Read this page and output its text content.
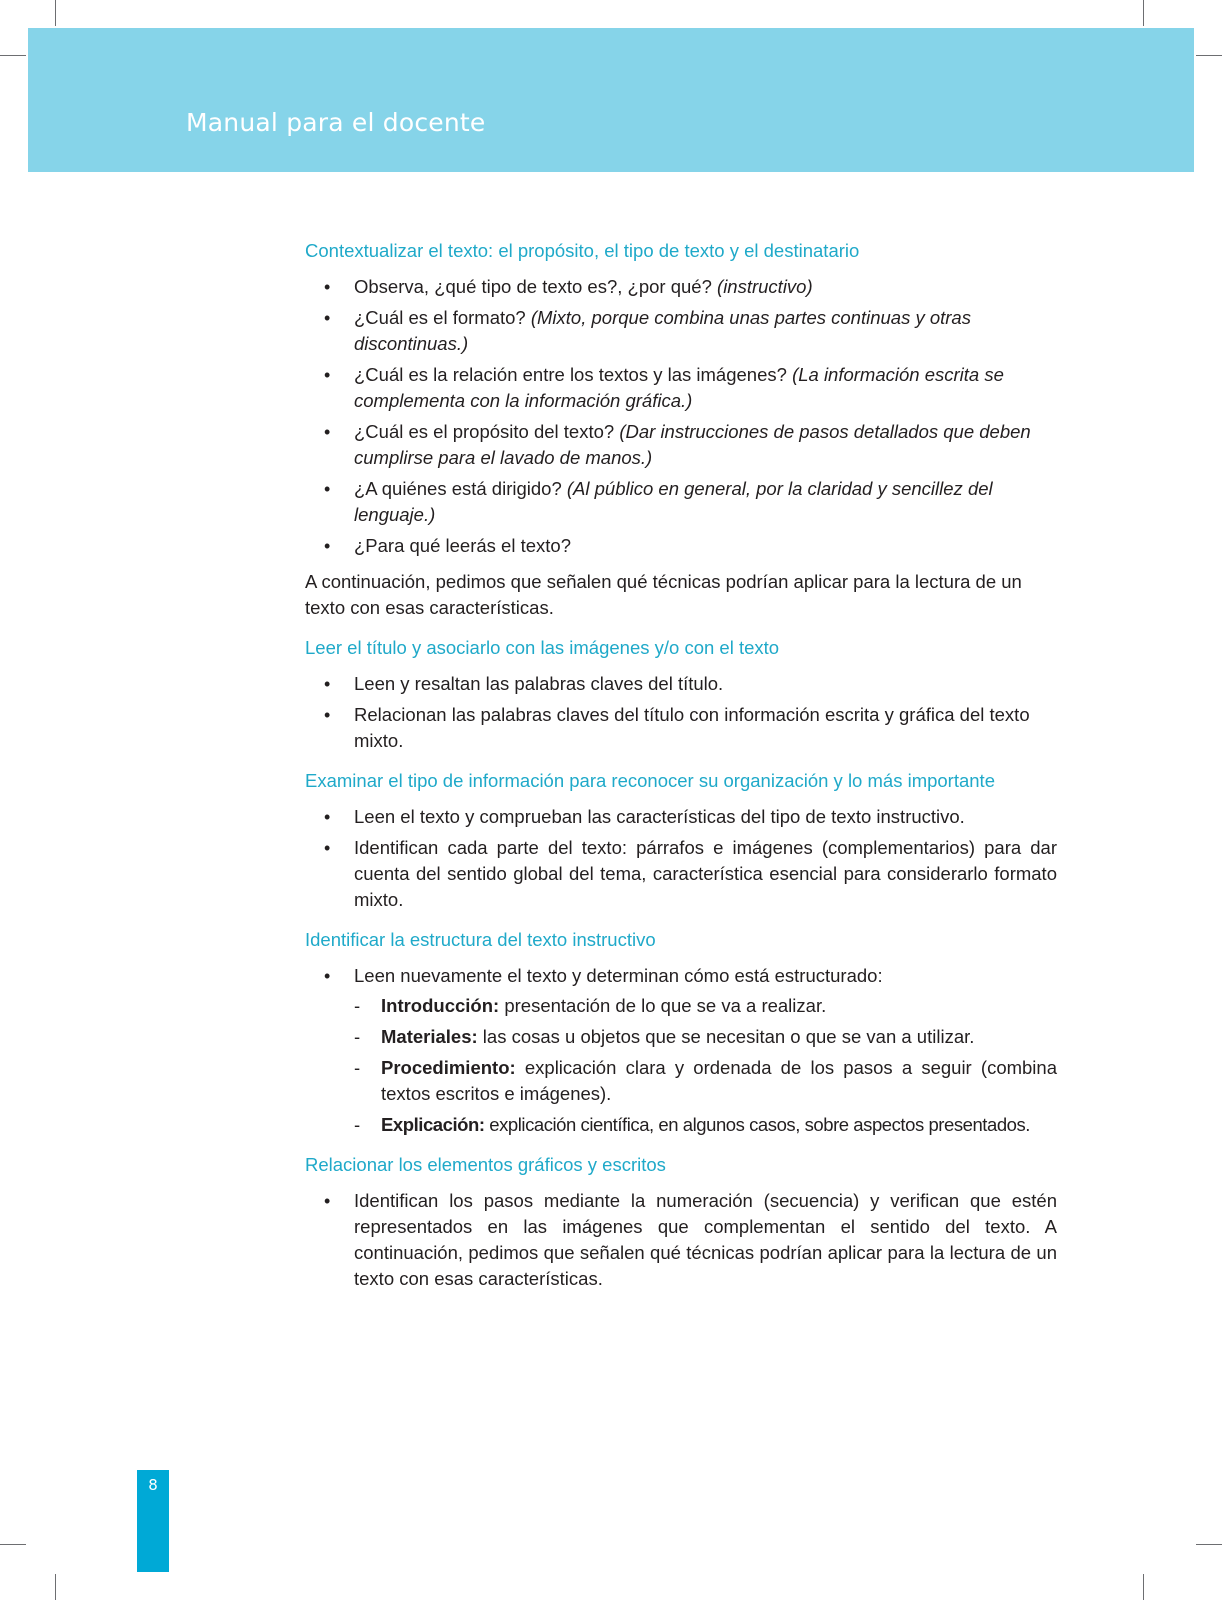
Manual para el docente
Contextualizar el texto: el propósito, el tipo de texto y el destinatario
• Observa, ¿qué tipo de texto es?, ¿por qué? (instructivo)
• ¿Cuál es el formato? (Mixto, porque combina unas partes continuas y otras discontinuas.)
• ¿Cuál es la relación entre los textos y las imágenes? (La información escrita se complementa con la información gráfica.)
• ¿Cuál es el propósito del texto? (Dar instrucciones de pasos detallados que deben cumplirse para el lavado de manos.)
• ¿A quiénes está dirigido? (Al público en general, por la claridad y sencillez del lenguaje.)
• ¿Para qué leerás el texto?

A continuación, pedimos que señalen qué técnicas podrían aplicar para la lectura de un texto con esas características.

Leer el título y asociarlo con las imágenes y/o con el texto
• Leen y resaltan las palabras claves del título.
• Relacionan las palabras claves del título con información escrita y gráfica del texto mixto.
Examinar el tipo de información para reconocer su organización y lo más importante
• Leen el texto y comprueban las características del tipo de texto instructivo.
• Identifican cada parte del texto: párrafos e imágenes (complementarios) para dar cuenta del sentido global del tema, característica esencial para considerarlo formato mixto.
Identificar la estructura del texto instructivo
• Leen nuevamente el texto y determinan cómo está estructurado:
- Introducción: presentación de lo que se va a realizar.
- Materiales: las cosas u objetos que se necesitan o que se van a utilizar.
- Procedimiento: explicación clara y ordenada de los pasos a seguir (combina textos escritos e imágenes).
- Explicación: explicación científica, en algunos casos, sobre aspectos presentados.
Relacionar los elementos gráficos y escritos
• Identifican los pasos mediante la numeración (secuencia) y verifican que estén representados en las imágenes que complementan el sentido del texto. A continuación, pedimos que señalen qué técnicas podrían aplicar para la lectura de un texto con esas características.
8
